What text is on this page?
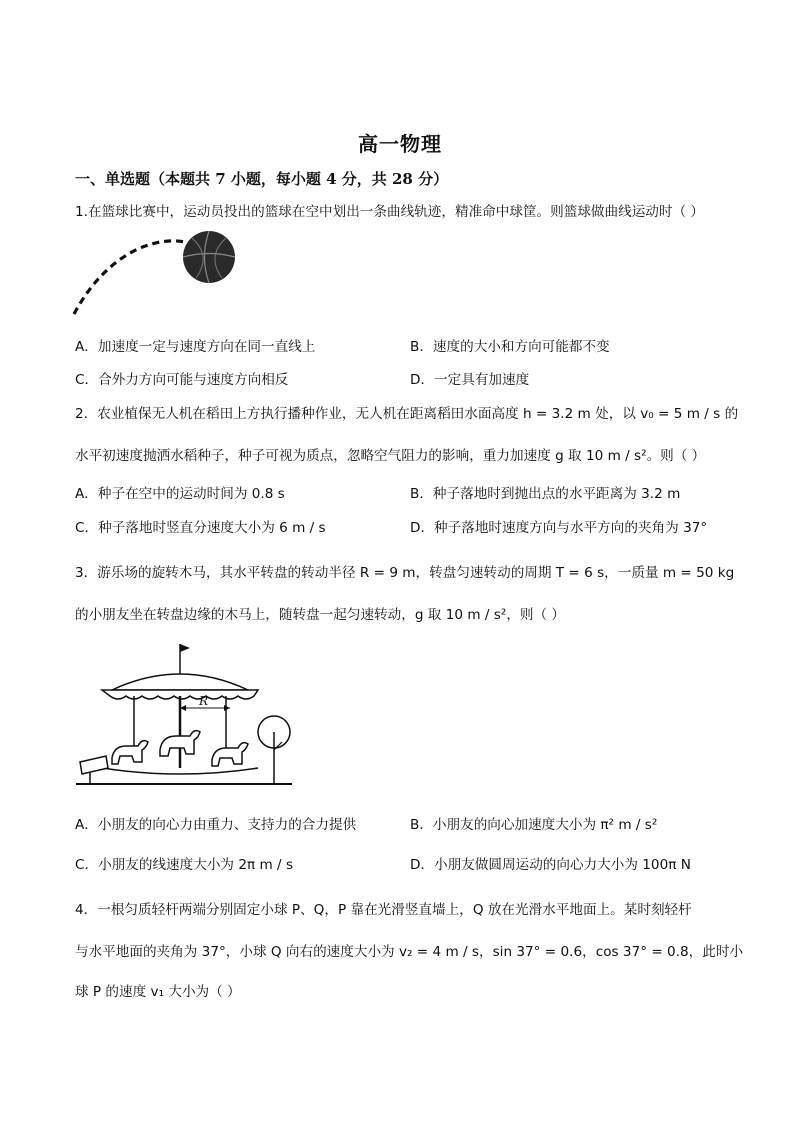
高一物理
一、单选题（本题共 7 小题，每小题 4 分，共 28 分）
1.在篮球比赛中，运动员投出的篮球在空中划出一条曲线轨迹，精准命中球筐。则篮球做曲线运动时（ ）
A．加速度一定与速度方向在同一直线上	B．速度的大小和方向可能都不变
C．合外力方向可能与速度方向相反	D．一定具有加速度
2．农业植保无人机在稻田上方执行播种作业，无人机在距离稻田水面高度 h = 3.2 m 处，以 v₀ = 5 m / s 的
水平初速度抛洒水稻种子，种子可视为质点，忽略空气阻力的影响，重力加速度 g 取 10 m / s²。则（ ）
A．种子在空中的运动时间为 0.8 s	B．种子落地时到抛出点的水平距离为 3.2 m
C．种子落地时竖直分速度大小为 6 m / s	D．种子落地时速度方向与水平方向的夹角为 37°
3．游乐场的旋转木马，其水平转盘的转动半径 R = 9 m，转盘匀速转动的周期 T = 6 s，一质量 m = 50 kg
的小朋友坐在转盘边缘的木马上，随转盘一起匀速转动，g 取 10 m / s²，则（ ）
R
A．小朋友的向心力由重力、支持力的合力提供	B．小朋友的向心加速度大小为 π² m / s²
C．小朋友的线速度大小为 2π m / s	D．小朋友做圆周运动的向心力大小为 100π N
4．一根匀质轻杆两端分别固定小球 P、Q，P 靠在光滑竖直墙上，Q 放在光滑水平地面上。某时刻轻杆
与水平地面的夹角为 37°，小球 Q 向右的速度大小为 v₂ = 4 m / s，sin 37° = 0.6，cos 37° = 0.8，此时小
球 P 的速度 v₁ 大小为（ ）
